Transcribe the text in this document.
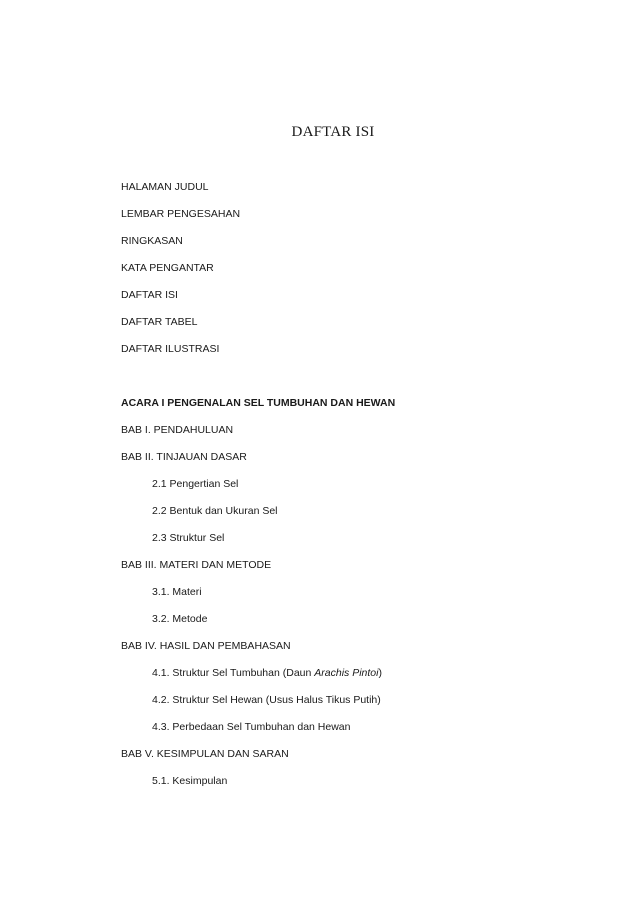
DAFTAR ISI
HALAMAN JUDUL
LEMBAR PENGESAHAN
RINGKASAN
KATA PENGANTAR
DAFTAR ISI
DAFTAR TABEL
DAFTAR ILUSTRASI
ACARA I PENGENALAN SEL TUMBUHAN DAN HEWAN
BAB I. PENDAHULUAN
BAB II. TINJAUAN DASAR
2.1 Pengertian Sel
2.2 Bentuk dan Ukuran Sel
2.3 Struktur Sel
BAB III. MATERI DAN METODE
3.1. Materi
3.2. Metode
BAB IV. HASIL DAN PEMBAHASAN
4.1. Struktur Sel Tumbuhan (Daun Arachis Pintoi)
4.2. Struktur Sel Hewan (Usus Halus Tikus Putih)
4.3. Perbedaan Sel Tumbuhan dan Hewan
BAB V. KESIMPULAN DAN SARAN
5.1. Kesimpulan
